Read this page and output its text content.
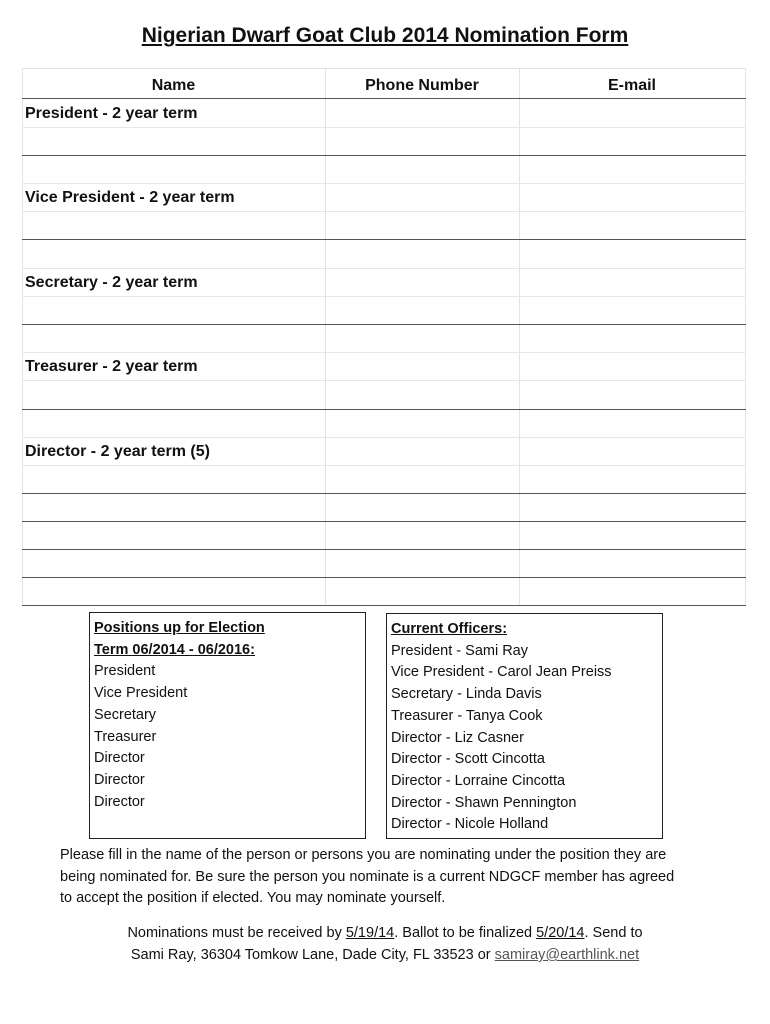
Nigerian Dwarf Goat Club 2014 Nomination Form
Name	Phone Number	E-mail
President - 2 year term
Vice President - 2 year term
Secretary - 2 year term
Treasurer - 2 year term
Director - 2 year term (5)
Positions up for Election
Term 06/2014 - 06/2016:
President
Vice President
Secretary
Treasurer
Director
Director
Director
Current Officers:
President - Sami Ray
Vice President - Carol Jean Preiss
Secretary - Linda Davis
Treasurer - Tanya Cook
Director - Liz Casner
Director - Scott Cincotta
Director - Lorraine Cincotta
Director - Shawn Pennington
Director - Nicole Holland
Please fill in the name of the person or persons you are nominating under the position they are being nominated for. Be sure the person you nominate is a current NDGCF member has agreed to accept the position if elected. You may nominate yourself.
Nominations must be received by 5/19/14. Ballot to be finalized 5/20/14. Send to
Sami Ray, 36304 Tomkow Lane, Dade City, FL 33523 or samiray@earthlink.net
